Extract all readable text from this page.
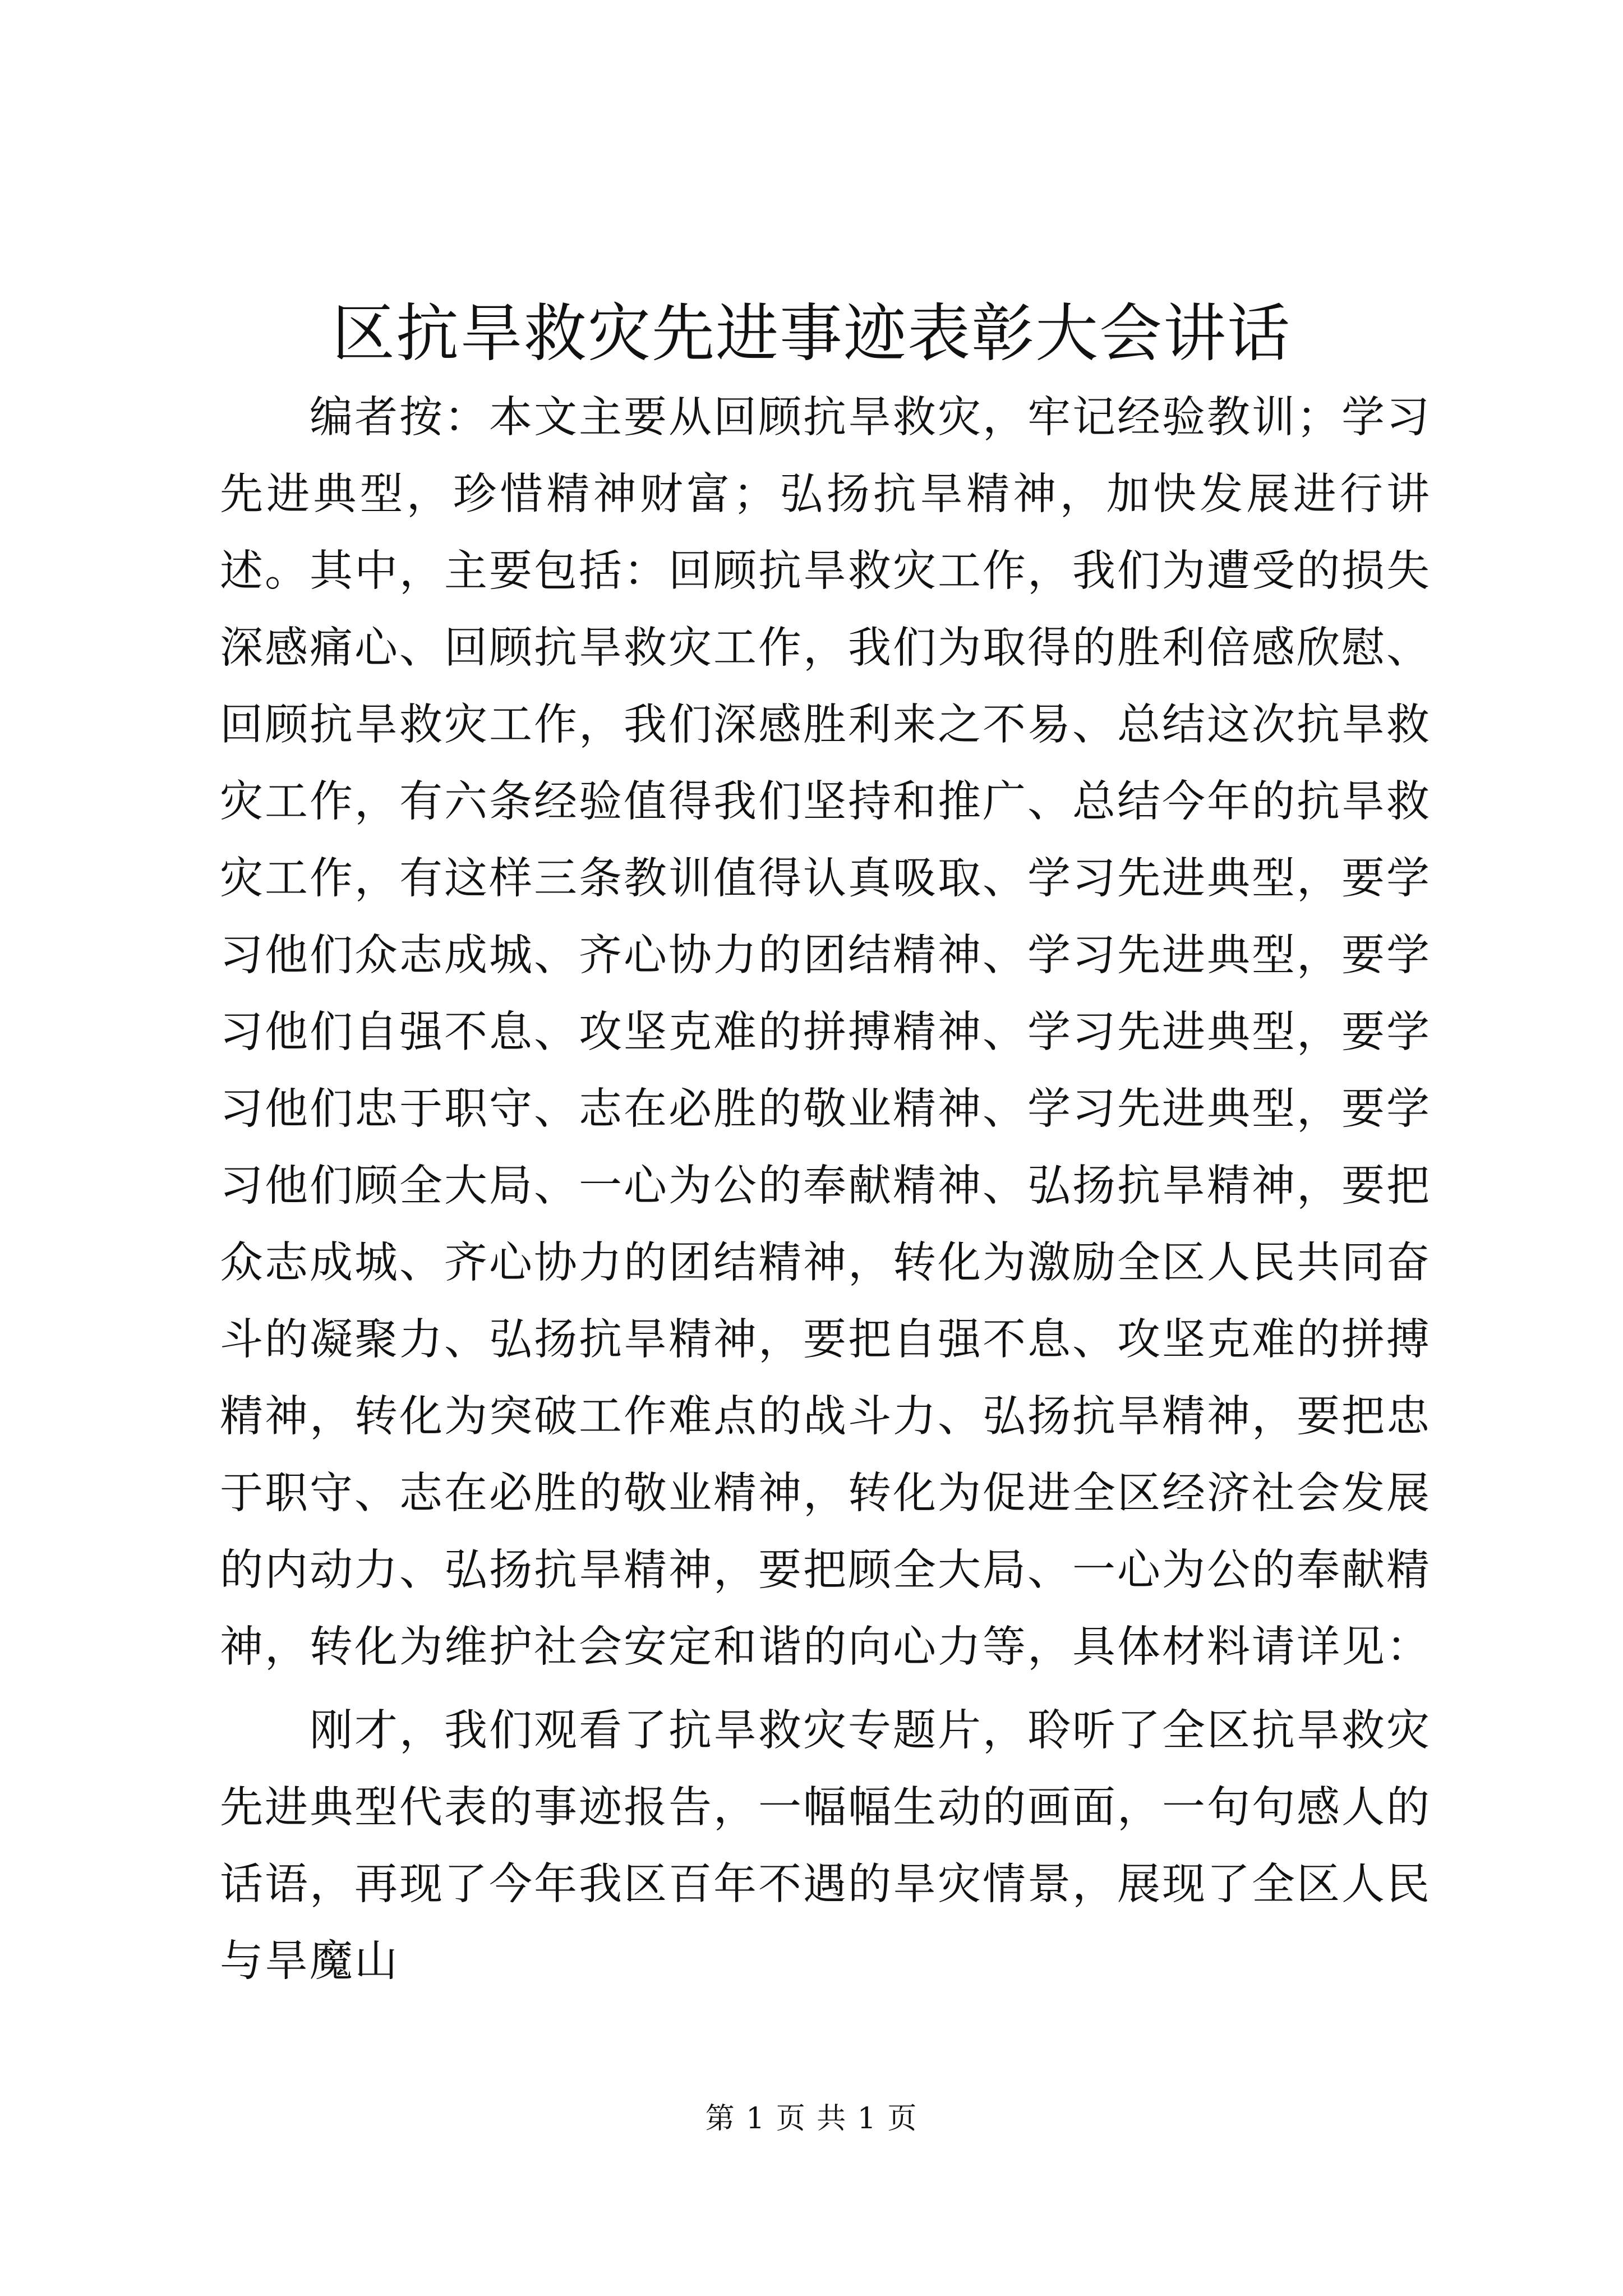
区抗旱救灾先进事迹表彰大会讲话

编者按：本文主要从回顾抗旱救灾，牢记经验教训；学习先进典型，珍惜精神财富；弘扬抗旱精神，加快发展进行讲述。其中，主要包括：回顾抗旱救灾工作，我们为遭受的损失深感痛心、回顾抗旱救灾工作，我们为取得的胜利倍感欣慰、回顾抗旱救灾工作，我们深感胜利来之不易、总结这次抗旱救灾工作，有六条经验值得我们坚持和推广、总结今年的抗旱救灾工作，有这样三条教训值得认真吸取、学习先进典型，要学习他们众志成城、齐心协力的团结精神、学习先进典型，要学习他们自强不息、攻坚克难的拼搏精神、学习先进典型，要学习他们忠于职守、志在必胜的敬业精神、学习先进典型，要学习他们顾全大局、一心为公的奉献精神、弘扬抗旱精神，要把众志成城、齐心协力的团结精神，转化为激励全区人民共同奋斗的凝聚力、弘扬抗旱精神，要把自强不息、攻坚克难的拼搏精神，转化为突破工作难点的战斗力、弘扬抗旱精神，要把忠于职守、志在必胜的敬业精神，转化为促进全区经济社会发展的内动力、弘扬抗旱精神，要把顾全大局、一心为公的奉献精神，转化为维护社会安定和谐的向心力等，具体材料请详见：

刚才，我们观看了抗旱救灾专题片，聆听了全区抗旱救灾先进典型代表的事迹报告，一幅幅生动的画面，一句句感人的话语，再现了今年我区百年不遇的旱灾情景，展现了全区人民与旱魔山

第 1 页 共 1 页
